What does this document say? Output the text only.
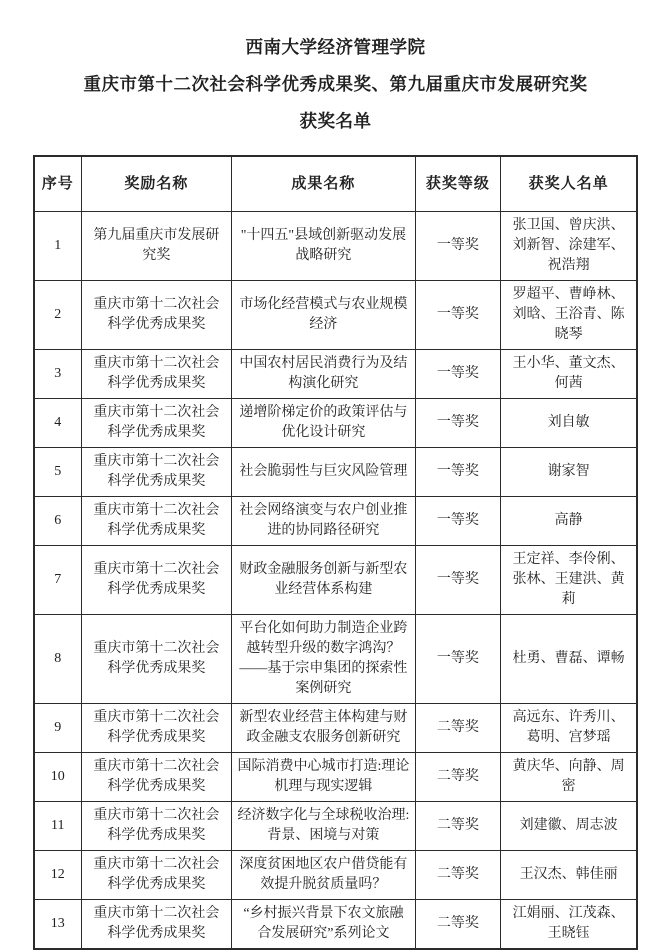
西南大学经济管理学院
重庆市第十二次社会科学优秀成果奖、第九届重庆市发展研究奖
获奖名单
序号	奖励名称	成果名称	获奖等级	获奖人名单
1	第九届重庆市发展研究奖	"十四五"县域创新驱动发展战略研究	一等奖	张卫国、曾庆洪、刘新智、涂建军、祝浩翔
2	重庆市第十二次社会科学优秀成果奖	市场化经营模式与农业规模经济	一等奖	罗超平、曹峥林、刘晗、王浴青、陈晓琴
3	重庆市第十二次社会科学优秀成果奖	中国农村居民消费行为及结构演化研究	一等奖	王小华、董文杰、何茜
4	重庆市第十二次社会科学优秀成果奖	递增阶梯定价的政策评估与优化设计研究	一等奖	刘自敏
5	重庆市第十二次社会科学优秀成果奖	社会脆弱性与巨灾风险管理	一等奖	谢家智
6	重庆市第十二次社会科学优秀成果奖	社会网络演变与农户创业推进的协同路径研究	一等奖	高静
7	重庆市第十二次社会科学优秀成果奖	财政金融服务创新与新型农业经营体系构建	一等奖	王定祥、李伶俐、张林、王建洪、黄莉
8	重庆市第十二次社会科学优秀成果奖	平台化如何助力制造企业跨越转型升级的数字鸿沟？——基于宗申集团的探索性案例研究	一等奖	杜勇、曹磊、谭畅
9	重庆市第十二次社会科学优秀成果奖	新型农业经营主体构建与财政金融支农服务创新研究	二等奖	高远东、许秀川、葛明、宫梦瑶
10	重庆市第十二次社会科学优秀成果奖	国际消费中心城市打造:理论机理与现实逻辑	二等奖	黄庆华、向静、周密
11	重庆市第十二次社会科学优秀成果奖	经济数字化与全球税收治理:背景、困境与对策	二等奖	刘建徽、周志波
12	重庆市第十二次社会科学优秀成果奖	深度贫困地区农户借贷能有效提升脱贫质量吗？	二等奖	王汉杰、韩佳丽
13	重庆市第十二次社会科学优秀成果奖	“乡村振兴背景下农文旅融合发展研究”系列论文	二等奖	江娟丽、江茂森、王晓钰
